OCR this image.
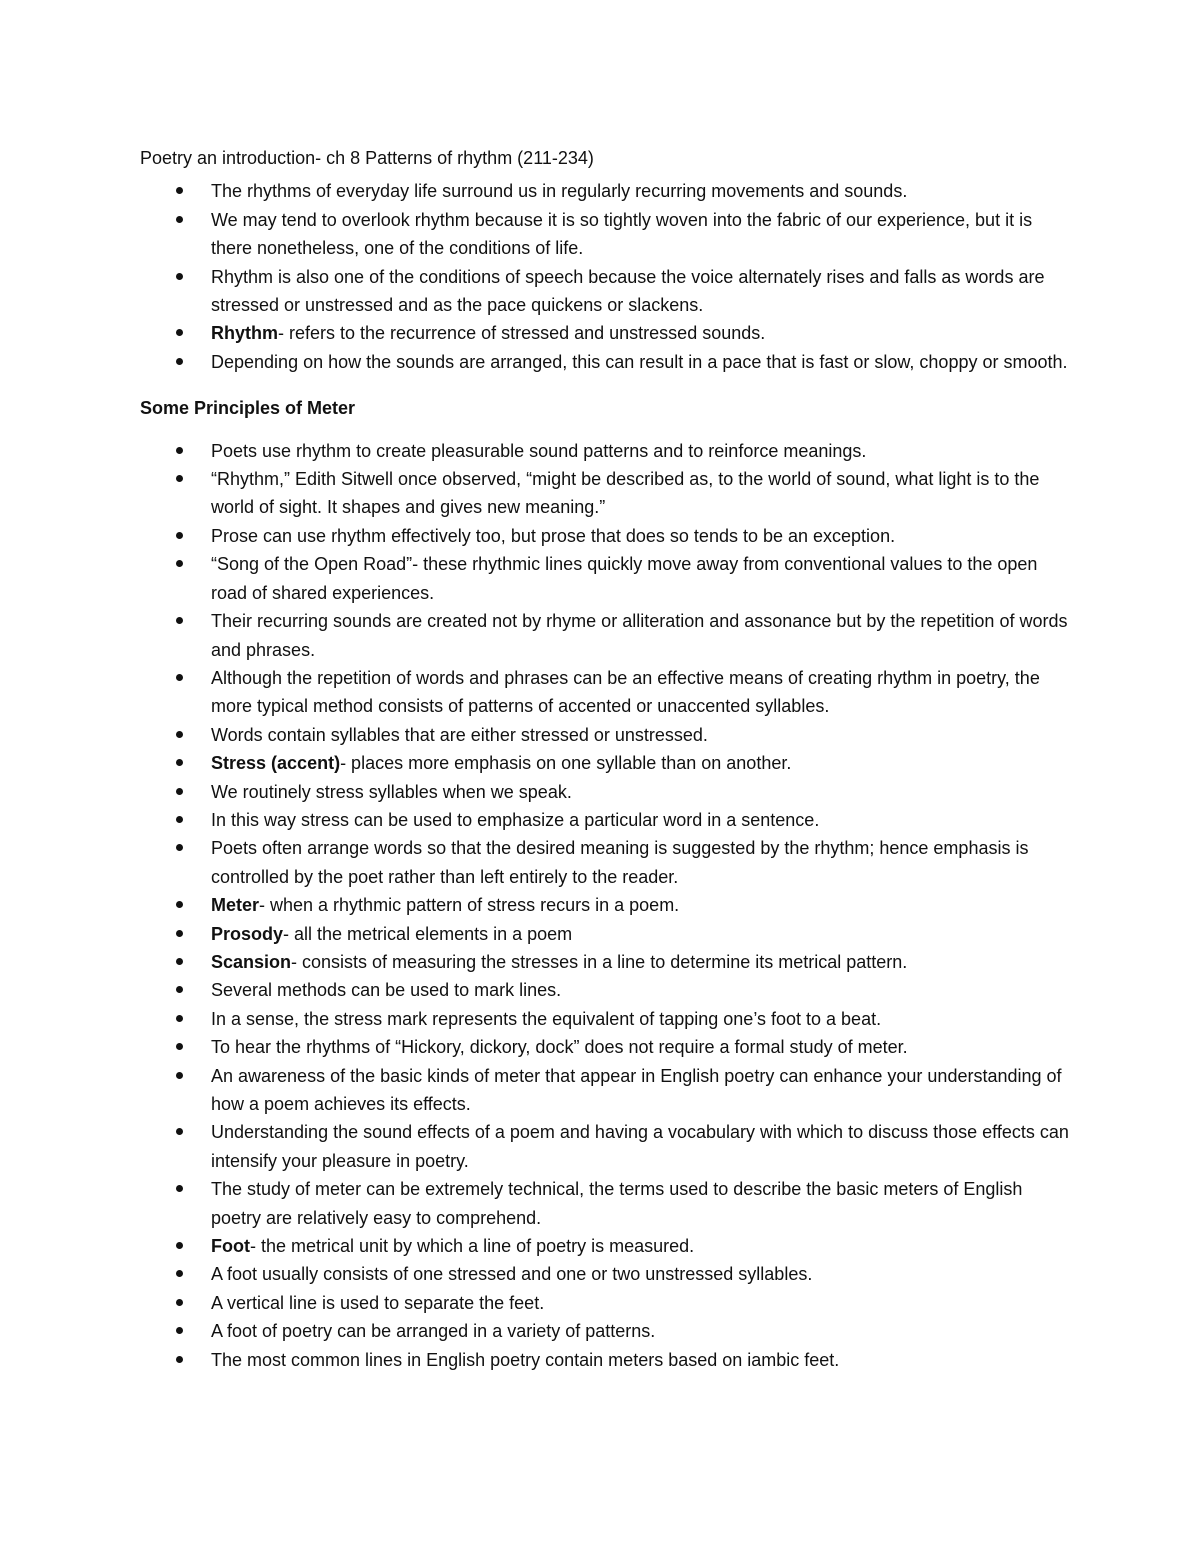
Poetry an introduction- ch 8 Patterns of rhythm (211-234)

The rhythms of everyday life surround us in regularly recurring movements and sounds.
We may tend to overlook rhythm because it is so tightly woven into the fabric of our experience, but it is there nonetheless, one of the conditions of life.
Rhythm is also one of the conditions of speech because the voice alternately rises and falls as words are stressed or unstressed and as the pace quickens or slackens.
Rhythm- refers to the recurrence of stressed and unstressed sounds.
Depending on how the sounds are arranged, this can result in a pace that is fast or slow, choppy or smooth.

Some Principles of Meter

Poets use rhythm to create pleasurable sound patterns and to reinforce meanings.
“Rhythm,” Edith Sitwell once observed, “might be described as, to the world of sound, what light is to the world of sight. It shapes and gives new meaning.”
Prose can use rhythm effectively too, but prose that does so tends to be an exception.
“Song of the Open Road”- these rhythmic lines quickly move away from conventional values to the open road of shared experiences.
Their recurring sounds are created not by rhyme or alliteration and assonance but by the repetition of words and phrases.
Although the repetition of words and phrases can be an effective means of creating rhythm in poetry, the more typical method consists of patterns of accented or unaccented syllables.
Words contain syllables that are either stressed or unstressed.
Stress (accent)- places more emphasis on one syllable than on another.
We routinely stress syllables when we speak.
In this way stress can be used to emphasize a particular word in a sentence.
Poets often arrange words so that the desired meaning is suggested by the rhythm; hence emphasis is controlled by the poet rather than left entirely to the reader.
Meter- when a rhythmic pattern of stress recurs in a poem.
Prosody- all the metrical elements in a poem
Scansion- consists of measuring the stresses in a line to determine its metrical pattern.
Several methods can be used to mark lines.
In a sense, the stress mark represents the equivalent of tapping one’s foot to a beat.
To hear the rhythms of “Hickory, dickory, dock” does not require a formal study of meter.
An awareness of the basic kinds of meter that appear in English poetry can enhance your understanding of how a poem achieves its effects.
Understanding the sound effects of a poem and having a vocabulary with which to discuss those effects can intensify your pleasure in poetry.
The study of meter can be extremely technical, the terms used to describe the basic meters of English poetry are relatively easy to comprehend.
Foot- the metrical unit by which a line of poetry is measured.
A foot usually consists of one stressed and one or two unstressed syllables.
A vertical line is used to separate the feet.
A foot of poetry can be arranged in a variety of patterns.
The most common lines in English poetry contain meters based on iambic feet.
